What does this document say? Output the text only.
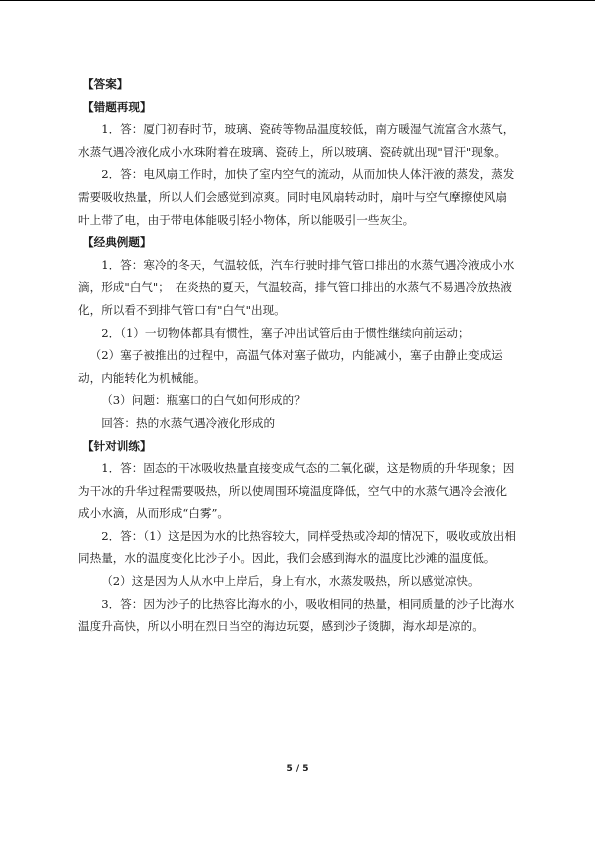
【答案】

【错题再现】

1．答：厦门初春时节，玻璃、瓷砖等物品温度较低，南方暖湿气流富含水蒸气，水蒸气遇冷液化成小水珠附着在玻璃、瓷砖上，所以玻璃、瓷砖就出现"冒汗"现象。

2．答：电风扇工作时，加快了室内空气的流动，从而加快人体汗液的蒸发，蒸发需要吸收热量，所以人们会感觉到凉爽。同时电风扇转动时，扇叶与空气摩擦使风扇叶上带了电，由于带电体能吸引轻小物体，所以能吸引一些灰尘。

【经典例题】

1．答：寒冷的冬天，气温较低，汽车行驶时排气管口排出的水蒸气遇冷液成小水滴，形成"白气"；　在炎热的夏天，气温较高，排气管口排出的水蒸气不易遇冷放热液化，所以看不到排气管口有"白气"出现。

2．（1）一切物体都具有惯性，塞子冲出试管后由于惯性继续向前运动；

（2）塞子被推出的过程中，高温气体对塞子做功，内能减小，塞子由静止变成运动，内能转化为机械能。

（3）问题：瓶塞口的白气如何形成的？

回答：热的水蒸气遇冷液化形成的

【针对训练】

1．答：固态的干冰吸收热量直接变成气态的二氧化碳，这是物质的升华现象；因为干冰的升华过程需要吸热，所以使周围环境温度降低，空气中的水蒸气遇冷会液化成小水滴，从而形成“白雾”。

2．答：（1）这是因为水的比热容较大，同样受热或冷却的情况下，吸收或放出相同热量，水的温度变化比沙子小。因此，我们会感到海水的温度比沙滩的温度低。

（2）这是因为人从水中上岸后，身上有水，水蒸发吸热，所以感觉凉快。

3．答：因为沙子的比热容比海水的小，吸收相同的热量，相同质量的沙子比海水温度升高快，所以小明在烈日当空的海边玩耍，感到沙子烫脚，海水却是凉的。

5 / 5
